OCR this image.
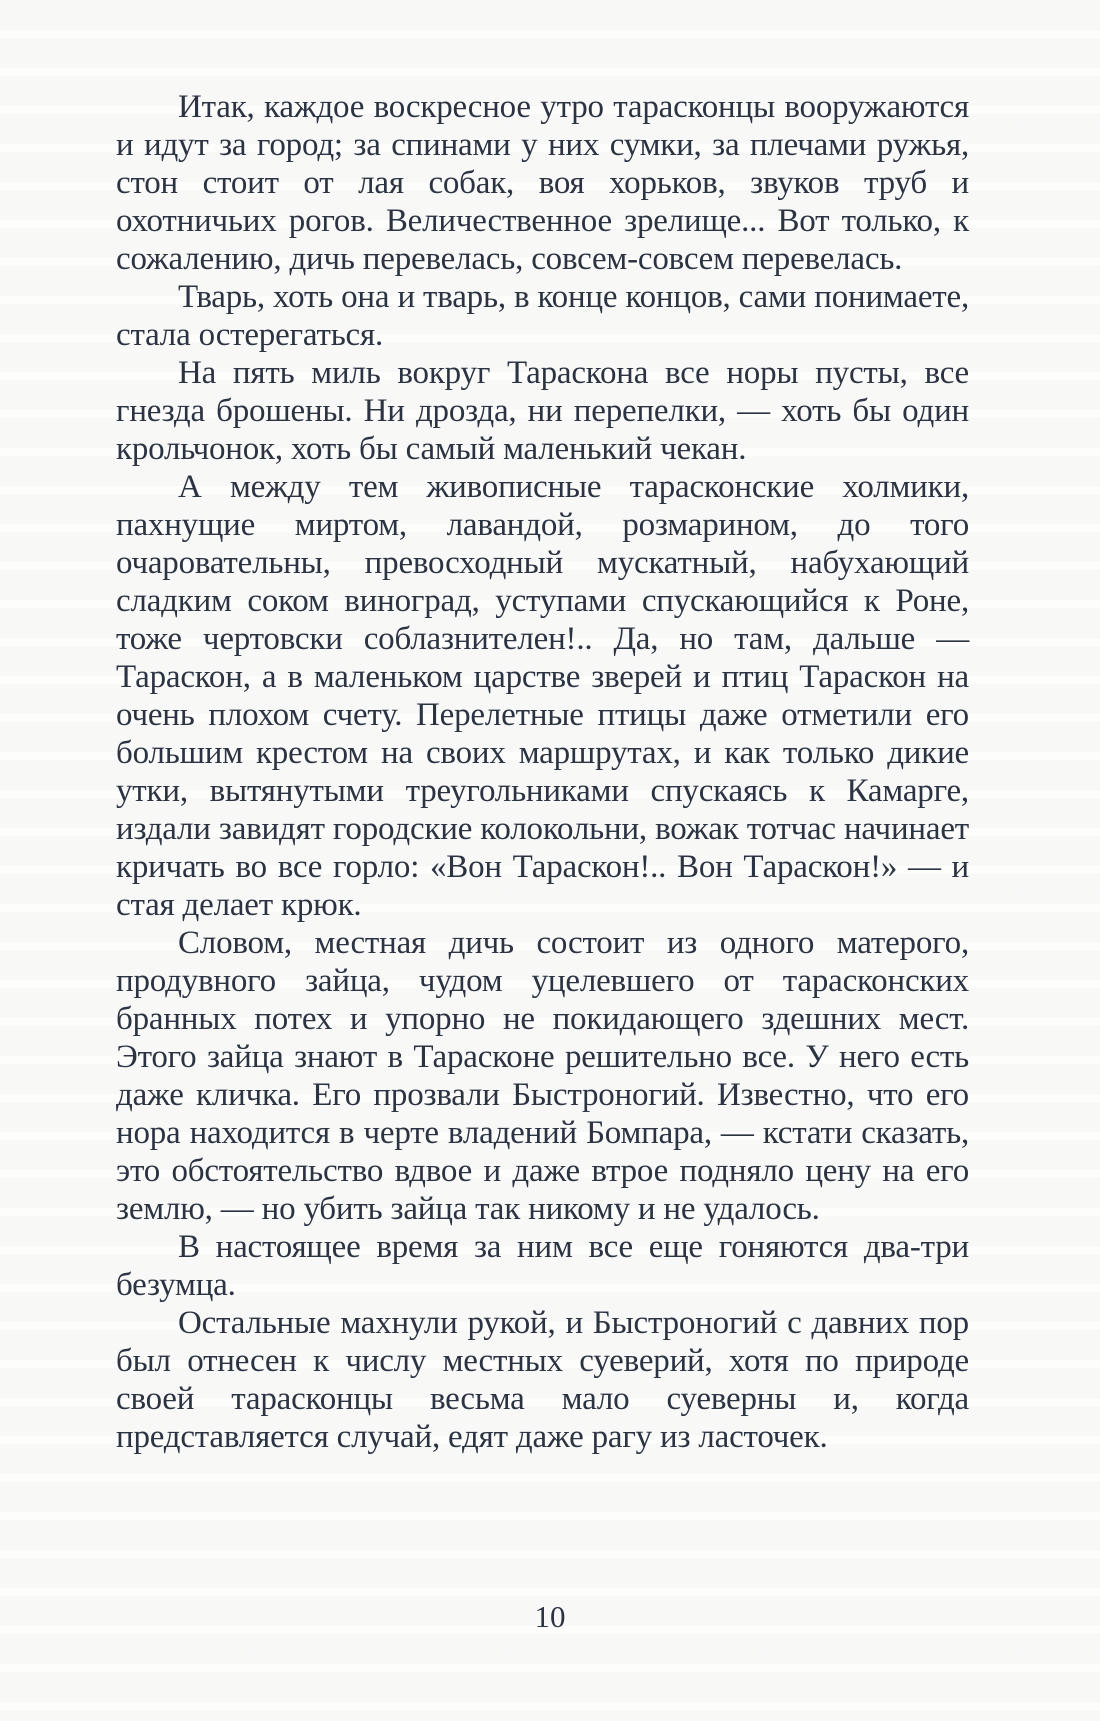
Итак, каждое воскресное утро тарасконцы вооружаются и идут за город; за спинами у них сумки, за плечами ружья, стон стоит от лая собак, воя хорьков, звуков труб и охотничьих рогов. Величественное зрелище... Вот только, к сожалению, дичь перевелась, совсем-совсем перевелась.

Тварь, хоть она и тварь, в конце концов, сами понимаете, стала остерегаться.

На пять миль вокруг Тараскона все норы пусты, все гнезда брошены. Ни дрозда, ни перепелки, — хоть бы один крольчонок, хоть бы самый маленький чекан.

А между тем живописные тарасконские холмики, пахнущие миртом, лавандой, розмарином, до того очаровательны, превосходный мускатный, набухающий сладким соком виноград, уступами спускающийся к Роне, тоже чертовски соблазнителен!.. Да, но там, дальше — Тараскон, а в маленьком царстве зверей и птиц Тараскон на очень плохом счету. Перелетные птицы даже отметили его большим крестом на своих маршрутах, и как только дикие утки, вытянутыми треугольниками спускаясь к Камарге, издали завидят городские колокольни, вожак тотчас начинает кричать во все горло: «Вон Тараскон!.. Вон Тараскон!» — и стая делает крюк.

Словом, местная дичь состоит из одного матерого, продувного зайца, чудом уцелевшего от тарасконских бранных потех и упорно не покидающего здешних мест. Этого зайца знают в Тарасконе решительно все. У него есть даже кличка. Его прозвали Быстроногий. Известно, что его нора находится в черте владений Бомпара, — кстати сказать, это обстоятельство вдвое и даже втрое подняло цену на его землю, — но убить зайца так никому и не удалось.

В настоящее время за ним все еще гоняются два-три безумца.

Остальные махнули рукой, и Быстроногий с давних пор был отнесен к числу местных суеверий, хотя по природе своей тарасконцы весьма мало суеверны и, когда представляется случай, едят даже рагу из ласточек.

10
